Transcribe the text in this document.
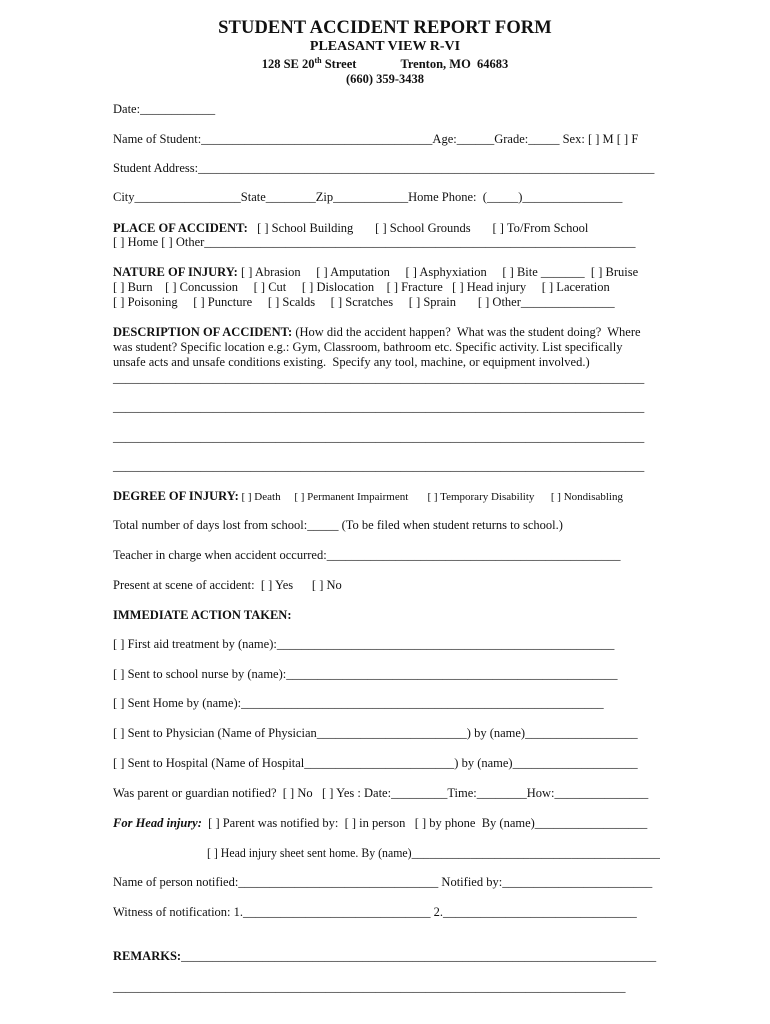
STUDENT ACCIDENT REPORT FORM
PLEASANT VIEW R-VI
128 SE 20th Street	Trenton, MO  64683
(660) 359-3438
Date:____________
Name of Student:_____________________________________Age:______Grade:_____ Sex: [ ] M [ ] F
Student Address:_________________________________________________________________________
City_________________State________Zip____________Home Phone:  (_____)________________
PLACE OF ACCIDENT:   [ ] School Building       [ ] School Grounds       [ ] To/From School
[ ] Home [ ] Other_____________________________________________________________________
NATURE OF INJURY: [ ] Abrasion     [ ] Amputation     [ ] Asphyxiation     [ ] Bite _______  [ ] Bruise
[ ] Burn    [ ] Concussion     [ ] Cut     [ ] Dislocation    [ ] Fracture   [ ] Head injury     [ ] Laceration
[ ] Poisoning     [ ] Puncture     [ ] Scalds     [ ] Scratches     [ ] Sprain       [ ] Other_______________
DESCRIPTION OF ACCIDENT: (How did the accident happen?  What was the student doing?  Where
was student? Specific location e.g.: Gym, Classroom, bathroom etc. Specific activity. List specifically
unsafe acts and unsafe conditions existing.  Specify any tool, machine, or equipment involved.)
_____________________________________________________________________________________
_____________________________________________________________________________________
_____________________________________________________________________________________
_____________________________________________________________________________________
DEGREE OF INJURY: [ ] Death     [ ] Permanent Impairment       [ ] Temporary Disability      [ ] Nondisabling
Total number of days lost from school:_____ (To be filed when student returns to school.)
Teacher in charge when accident occurred:_______________________________________________
Present at scene of accident:  [ ] Yes      [ ] No
IMMEDIATE ACTION TAKEN:
[ ] First aid treatment by (name):______________________________________________________
[ ] Sent to school nurse by (name):_____________________________________________________
[ ] Sent Home by (name):__________________________________________________________
[ ] Sent to Physician (Name of Physician________________________) by (name)__________________
[ ] Sent to Hospital (Name of Hospital________________________) by (name)____________________
Was parent or guardian notified?  [ ] No   [ ] Yes : Date:_________Time:________How:_______________
For Head injury:  [ ] Parent was notified by:  [ ] in person   [ ] by phone  By (name)__________________
[ ] Head injury sheet sent home. By (name)__________________________________________
Name of person notified:________________________________ Notified by:________________________
Witness of notification: 1.______________________________ 2._______________________________
REMARKS:____________________________________________________________________________
__________________________________________________________________________________
